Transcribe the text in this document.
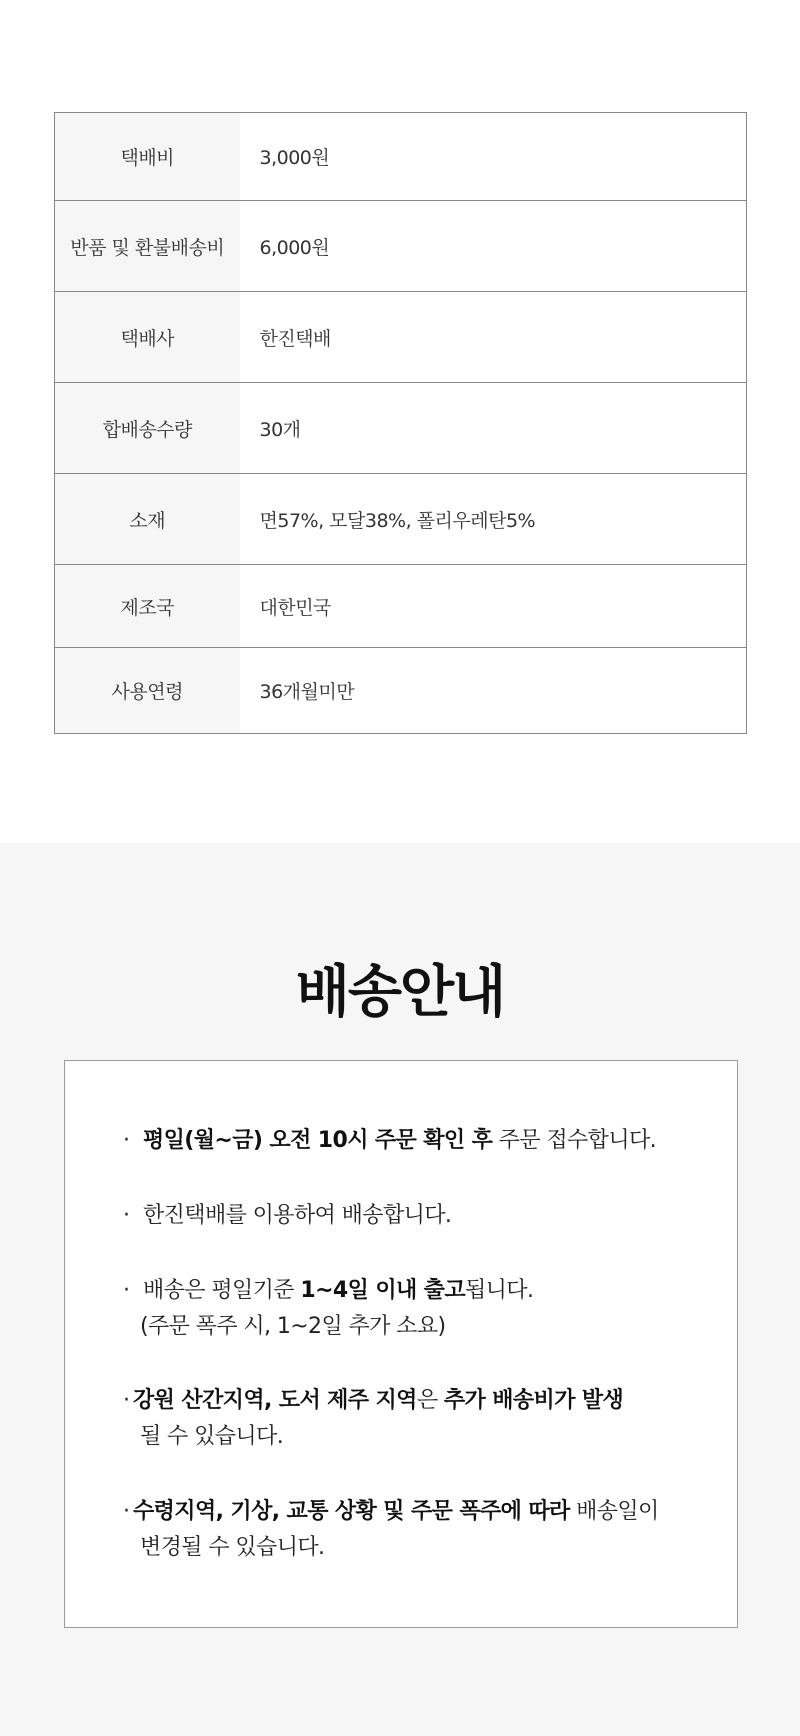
택배비	3,000원
반품 및 환불배송비	6,000원
택배사	한진택배
합배송수량	30개
소재	면57%, 모달38%, 폴리우레탄5%
제조국	대한민국
사용연령	36개월미만
배송안내
· 평일(월~금) 오전 10시 주문 확인 후 주문 접수합니다.
· 한진택배를 이용하여 배송합니다.
· 배송은 평일기준 1~4일 이내 출고됩니다.
(주문 폭주 시, 1~2일 추가 소요)
· 강원 산간지역, 도서 제주 지역은 추가 배송비가 발생
될 수 있습니다.
· 수령지역, 기상, 교통 상황 및 주문 폭주에 따라 배송일이
변경될 수 있습니다.
